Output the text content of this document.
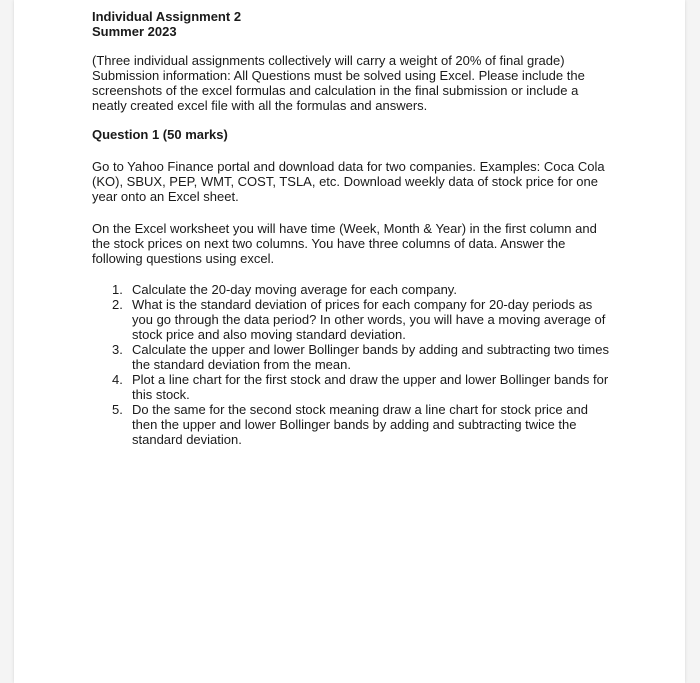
Individual Assignment 2

Summer 2023

(Three individual assignments collectively will carry a weight of 20% of final grade) Submission information: All Questions must be solved using Excel. Please include the screenshots of the excel formulas and calculation in the final submission or include a neatly created excel file with all the formulas and answers.

Question 1 (50 marks)

Go to Yahoo Finance portal and download data for two companies. Examples: Coca Cola (KO), SBUX, PEP, WMT, COST, TSLA, etc. Download weekly data of stock price for one year onto an Excel sheet.

On the Excel worksheet you will have time (Week, Month & Year) in the first column and the stock prices on next two columns. You have three columns of data. Answer the following questions using excel.

1. Calculate the 20-day moving average for each company.
2. What is the standard deviation of prices for each company for 20-day periods as you go through the data period? In other words, you will have a moving average of stock price and also moving standard deviation.
3. Calculate the upper and lower Bollinger bands by adding and subtracting two times the standard deviation from the mean.
4. Plot a line chart for the first stock and draw the upper and lower Bollinger bands for this stock.
5. Do the same for the second stock meaning draw a line chart for stock price and then the upper and lower Bollinger bands by adding and subtracting twice the standard deviation.
